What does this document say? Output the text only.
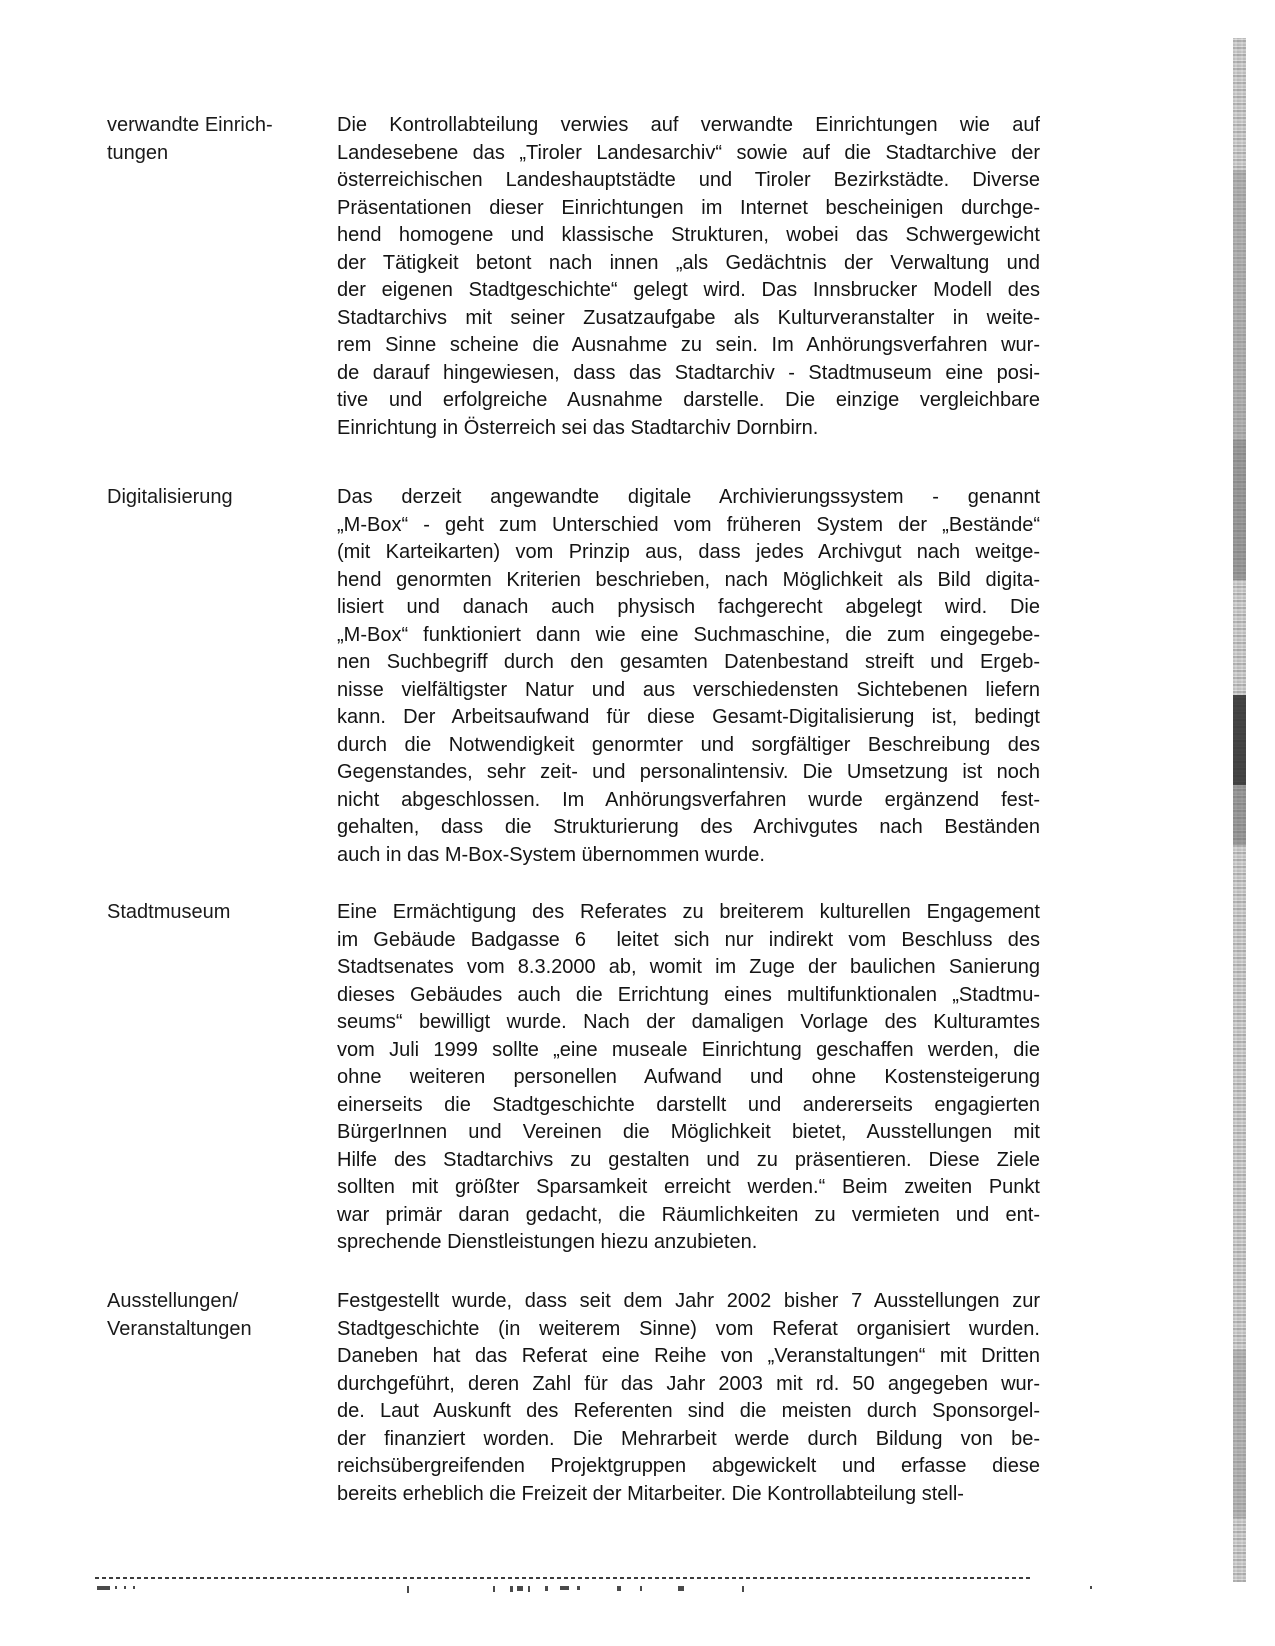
verwandte Einrich-
tungen
Die Kontrollabteilung verwies auf verwandte Einrichtungen wie auf
Landesebene das „Tiroler Landesarchiv“ sowie auf die Stadtarchive der
österreichischen Landeshauptstädte und Tiroler Bezirkstädte. Diverse
Präsentationen dieser Einrichtungen im Internet bescheinigen durchge-
hend homogene und klassische Strukturen, wobei das Schwergewicht
der Tätigkeit betont nach innen „als Gedächtnis der Verwaltung und
der eigenen Stadtgeschichte“ gelegt wird. Das Innsbrucker Modell des
Stadtarchivs mit seiner Zusatzaufgabe als Kulturveranstalter in weite-
rem Sinne scheine die Ausnahme zu sein. Im Anhörungsverfahren wur-
de darauf hingewiesen, dass das Stadtarchiv - Stadtmuseum eine posi-
tive und erfolgreiche Ausnahme darstelle. Die einzige vergleichbare
Einrichtung in Österreich sei das Stadtarchiv Dornbirn.
Digitalisierung	Das derzeit angewandte digitale Archivierungssystem - genannt
„M-Box“ - geht zum Unterschied vom früheren System der „Bestände“
(mit Karteikarten) vom Prinzip aus, dass jedes Archivgut nach weitge-
hend genormten Kriterien beschrieben, nach Möglichkeit als Bild digita-
lisiert und danach auch physisch fachgerecht abgelegt wird. Die
„M-Box“ funktioniert dann wie eine Suchmaschine, die zum eingegebe-
nen Suchbegriff durch den gesamten Datenbestand streift und Ergeb-
nisse vielfältigster Natur und aus verschiedensten Sichtebenen liefern
kann. Der Arbeitsaufwand für diese Gesamt-Digitalisierung ist, bedingt
durch die Notwendigkeit genormter und sorgfältiger Beschreibung des
Gegenstandes, sehr zeit- und personalintensiv. Die Umsetzung ist noch
nicht abgeschlossen. Im Anhörungsverfahren wurde ergänzend fest-
gehalten, dass die Strukturierung des Archivgutes nach Beständen
auch in das M-Box-System übernommen wurde.
Stadtmuseum	Eine Ermächtigung des Referates zu breiterem kulturellen Engagement
im Gebäude Badgasse 6  leitet sich nur indirekt vom Beschluss des
Stadtsenates vom 8.3.2000 ab, womit im Zuge der baulichen Sanierung
dieses Gebäudes auch die Errichtung eines multifunktionalen „Stadtmu-
seums“ bewilligt wurde. Nach der damaligen Vorlage des Kulturamtes
vom Juli 1999 sollte „eine museale Einrichtung geschaffen werden, die
ohne weiteren personellen Aufwand und ohne Kostensteigerung
einerseits die Stadtgeschichte darstellt und andererseits engagierten
BürgerInnen und Vereinen die Möglichkeit bietet, Ausstellungen mit
Hilfe des Stadtarchivs zu gestalten und zu präsentieren. Diese Ziele
sollten mit größter Sparsamkeit erreicht werden.“ Beim zweiten Punkt
war primär daran gedacht, die Räumlichkeiten zu vermieten und ent-
sprechende Dienstleistungen hiezu anzubieten.
Ausstellungen/
Veranstaltungen
Festgestellt wurde, dass seit dem Jahr 2002 bisher 7 Ausstellungen zur
Stadtgeschichte (in weiterem Sinne) vom Referat organisiert wurden.
Daneben hat das Referat eine Reihe von „Veranstaltungen“ mit Dritten
durchgeführt, deren Zahl für das Jahr 2003 mit rd. 50 angegeben wur-
de. Laut Auskunft des Referenten sind die meisten durch Sponsorgel-
der finanziert worden. Die Mehrarbeit werde durch Bildung von be-
reichsübergreifenden Projektgruppen abgewickelt und erfasse diese
bereits erheblich die Freizeit der Mitarbeiter. Die Kontrollabteilung stell-
